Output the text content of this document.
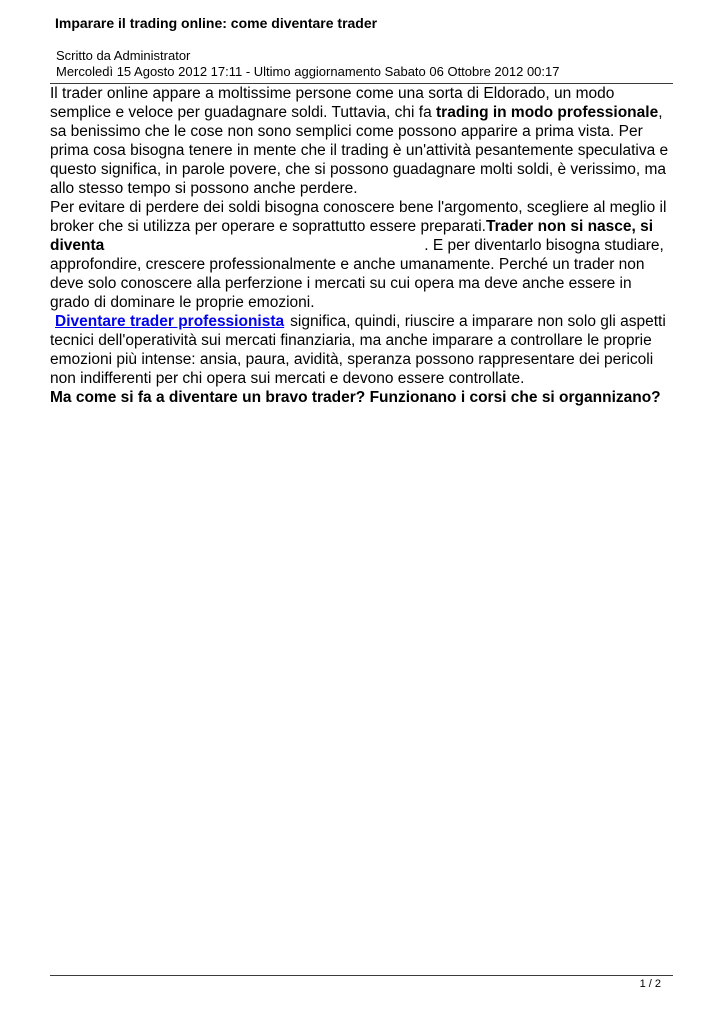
Imparare il trading online: come diventare trader
Scritto da Administrator
Mercoledì 15 Agosto 2012 17:11 - Ultimo aggiornamento Sabato 06 Ottobre 2012 00:17

Il trader online appare a moltissime persone come una sorta di Eldorado, un modo semplice e veloce per guadagnare soldi. Tuttavia, chi fa trading in modo professionale, sa benissimo che le cose non sono semplici come possono apparire a prima vista. Per prima cosa bisogna tenere in mente che il trading è un'attività pesantemente speculativa e questo significa, in parole povere, che si possono guadagnare molti soldi, è verissimo, ma allo stesso tempo si possono anche perdere.

Per evitare di perdere dei soldi bisogna conoscere bene l'argomento, scegliere al meglio il broker che si utilizza per operare e soprattutto essere preparati.Trader non si nasce, si diventa	. E per diventarlo bisogna studiare, approfondire, crescere professionalmente e anche umanamente. Perché un trader non deve solo conoscere alla perferzione i mercati su cui opera ma deve anche essere in grado di dominare le proprie emozioni.

Diventare trader professionista significa, quindi, riuscire a imparare non solo gli aspetti tecnici dell'operatività sui mercati finanziaria, ma anche imparare a controllare le proprie emozioni più intense: ansia, paura, avidità, speranza possono rappresentare dei pericoli non indifferenti per chi opera sui mercati e devono essere controllate.

Ma come si fa a diventare un bravo trader? Funzionano i corsi che si organnizano?

1 / 2
